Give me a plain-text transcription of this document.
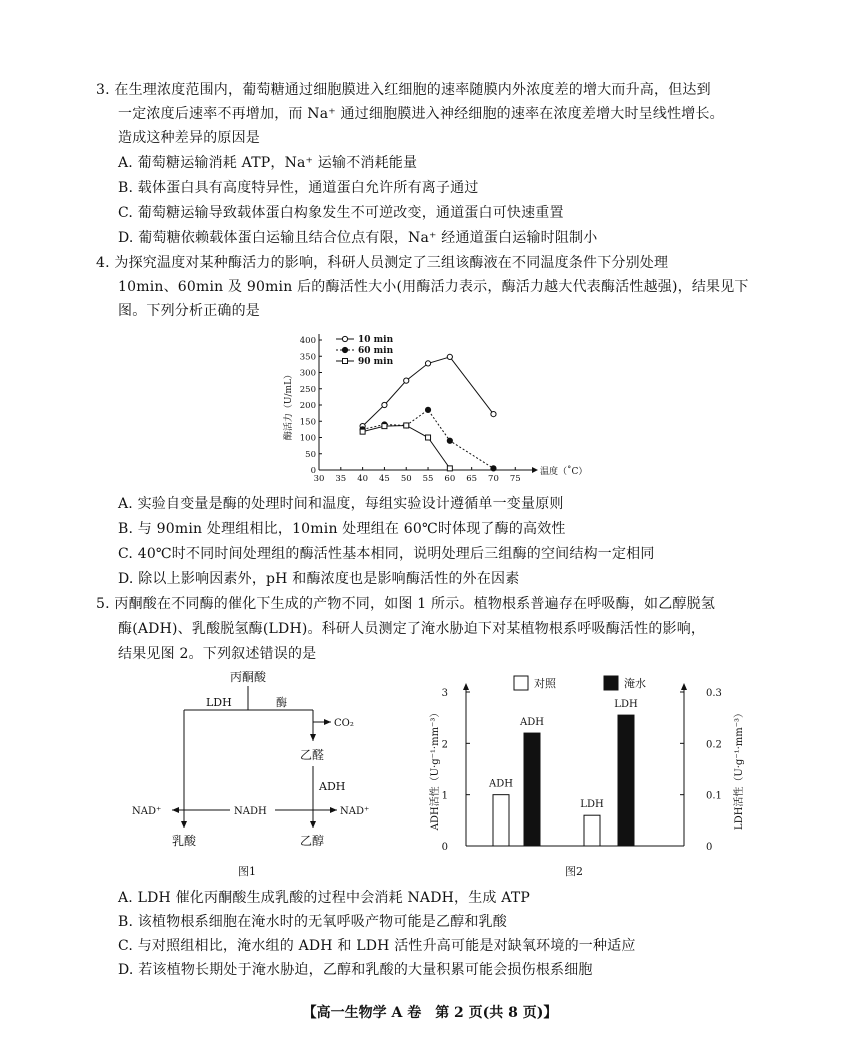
3. 在生理浓度范围内，葡萄糖通过细胞膜进入红细胞的速率随膜内外浓度差的增大而升高，但达到
一定浓度后速率不再增加，而 Na⁺ 通过细胞膜进入神经细胞的速率在浓度差增大时呈线性增长。
造成这种差异的原因是
A. 葡萄糖运输消耗 ATP，Na⁺ 运输不消耗能量
B. 载体蛋白具有高度特异性，通道蛋白允许所有离子通过
C. 葡萄糖运输导致载体蛋白构象发生不可逆改变，通道蛋白可快速重置
D. 葡萄糖依赖载体蛋白运输且结合位点有限，Na⁺ 经通道蛋白运输时阻制小
4. 为探究温度对某种酶活力的影响，科研人员测定了三组该酶液在不同温度条件下分别处理
10min、60min 及 90min 后的酶活性大小(用酶活力表示，酶活力越大代表酶活性越强)，结果见下
图。下列分析正确的是
30 35 40 45 50 55 60 65 70 75
0
50
100
150
200
250
300
350
400
温度（˚C）
酶活力（U/mL）
10 min
60 min
90 min
A. 实验自变量是酶的处理时间和温度，每组实验设计遵循单一变量原则
B. 与 90min 处理组相比，10min 处理组在 60℃时体现了酶的高效性
C. 40℃时不同时间处理组的酶活性基本相同，说明处理后三组酶的空间结构一定相同
D. 除以上影响因素外，pH 和酶浓度也是影响酶活性的外在因素
5. 丙酮酸在不同酶的催化下生成的产物不同，如图 1 所示。植物根系普遍存在呼吸酶，如乙醇脱氢
酶(ADH)、乳酸脱氢酶(LDH)。科研人员测定了淹水胁迫下对某植物根系呼吸酶活性的影响，
结果见图 2。下列叙述错误的是
丙酮酸
LDH	酶
CO₂
乙醛
ADH
NAD⁺	NADH	NAD⁺
乳酸	乙醇
图1
3
2
1
0
0.3
0.2
0.1
0
ADH活性（U·g⁻¹·mm⁻³）	LDH活性（U·g⁻¹·mm⁻³）
ADH
ADH
LDH
LDH
对照	淹水
图2
A. LDH 催化丙酮酸生成乳酸的过程中会消耗 NADH，生成 ATP
B. 该植物根系细胞在淹水时的无氧呼吸产物可能是乙醇和乳酸
C. 与对照组相比，淹水组的 ADH 和 LDH 活性升高可能是对缺氧环境的一种适应
D. 若该植物长期处于淹水胁迫，乙醇和乳酸的大量积累可能会损伤根系细胞
【高一生物学 A 卷　第 2 页(共 8 页)】
